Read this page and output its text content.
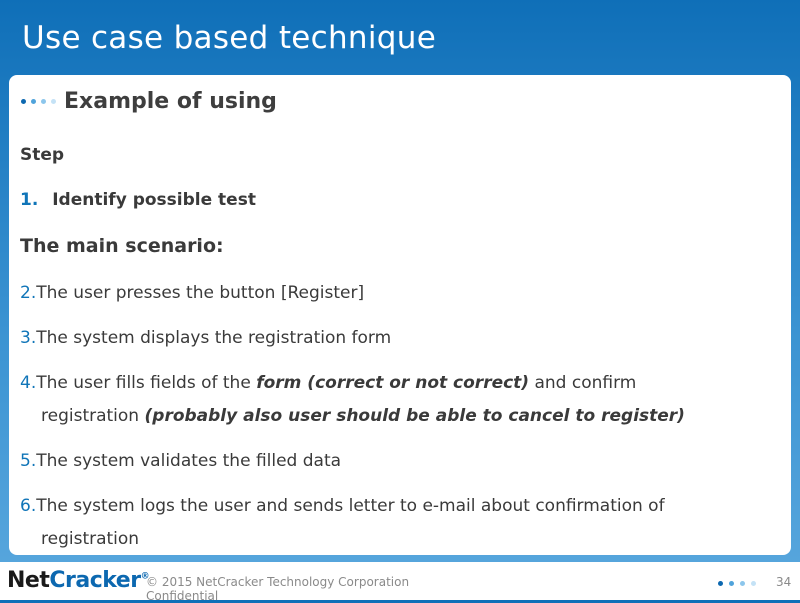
Use case based technique
Example of using
Step
1. Identify possible test
The main scenario:
2.The user presses the button [Register]
3.The system displays the registration form
4.The user fills fields of the form (correct or not correct) and confirm
registration (probably also user should be able to cancel to register)
5.The system validates the filled data
6.The system logs the user and sends letter to e-mail about confirmation of
registration
NetCracker®
© 2015 NetCracker Technology Corporation Confidential
34
